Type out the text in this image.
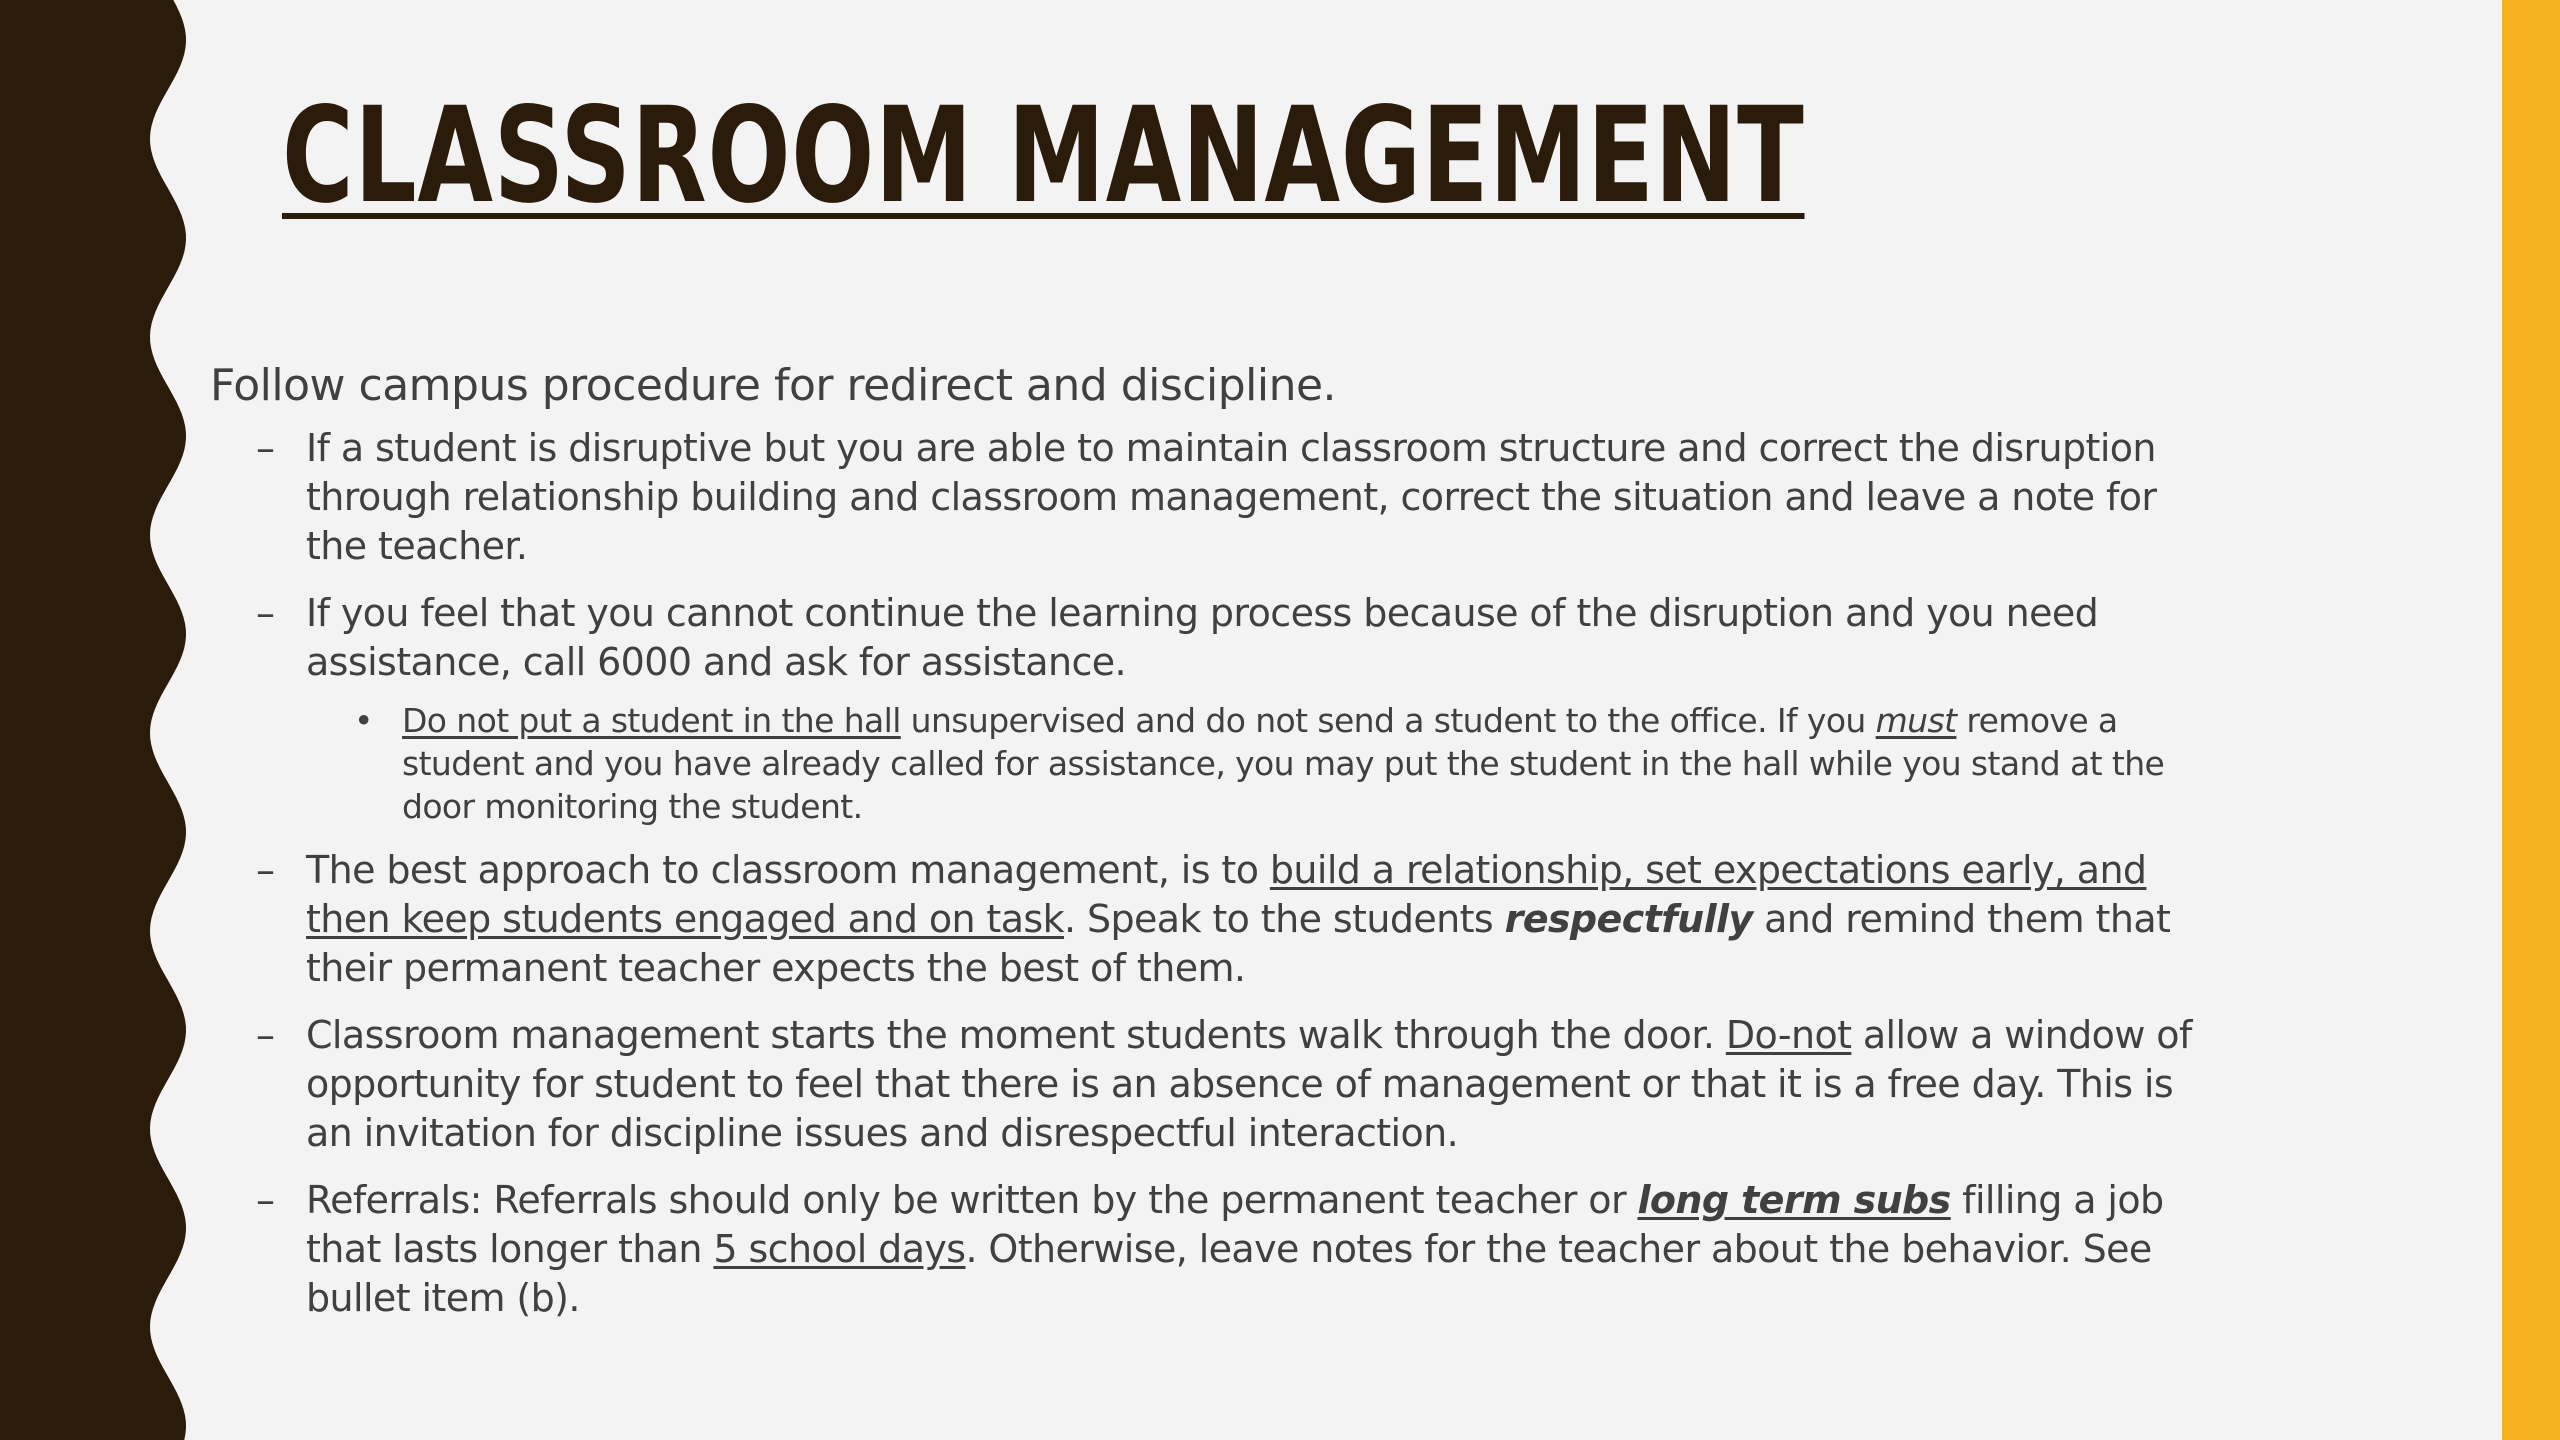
CLASSROOM MANAGEMENT

Follow campus procedure for redirect and discipline.

– If a student is disruptive but you are able to maintain classroom structure and correct the disruption through relationship building and classroom management, correct the situation and leave a note for the teacher.

– If you feel that you cannot continue the learning process because of the disruption and you need assistance, call 6000 and ask for assistance.

• Do not put a student in the hall unsupervised and do not send a student to the office. If you must remove a student and you have already called for assistance, you may put the student in the hall while you stand at the door monitoring the student.

– The best approach to classroom management, is to build a relationship, set expectations early, and then keep students engaged and on task. Speak to the students respectfully and remind them that their permanent teacher expects the best of them.

– Classroom management starts the moment students walk through the door. Do-not allow a window of opportunity for student to feel that there is an absence of management or that it is a free day. This is an invitation for discipline issues and disrespectful interaction.

– Referrals: Referrals should only be written by the permanent teacher or long term subs filling a job that lasts longer than 5 school days. Otherwise, leave notes for the teacher about the behavior. See bullet item (b).
